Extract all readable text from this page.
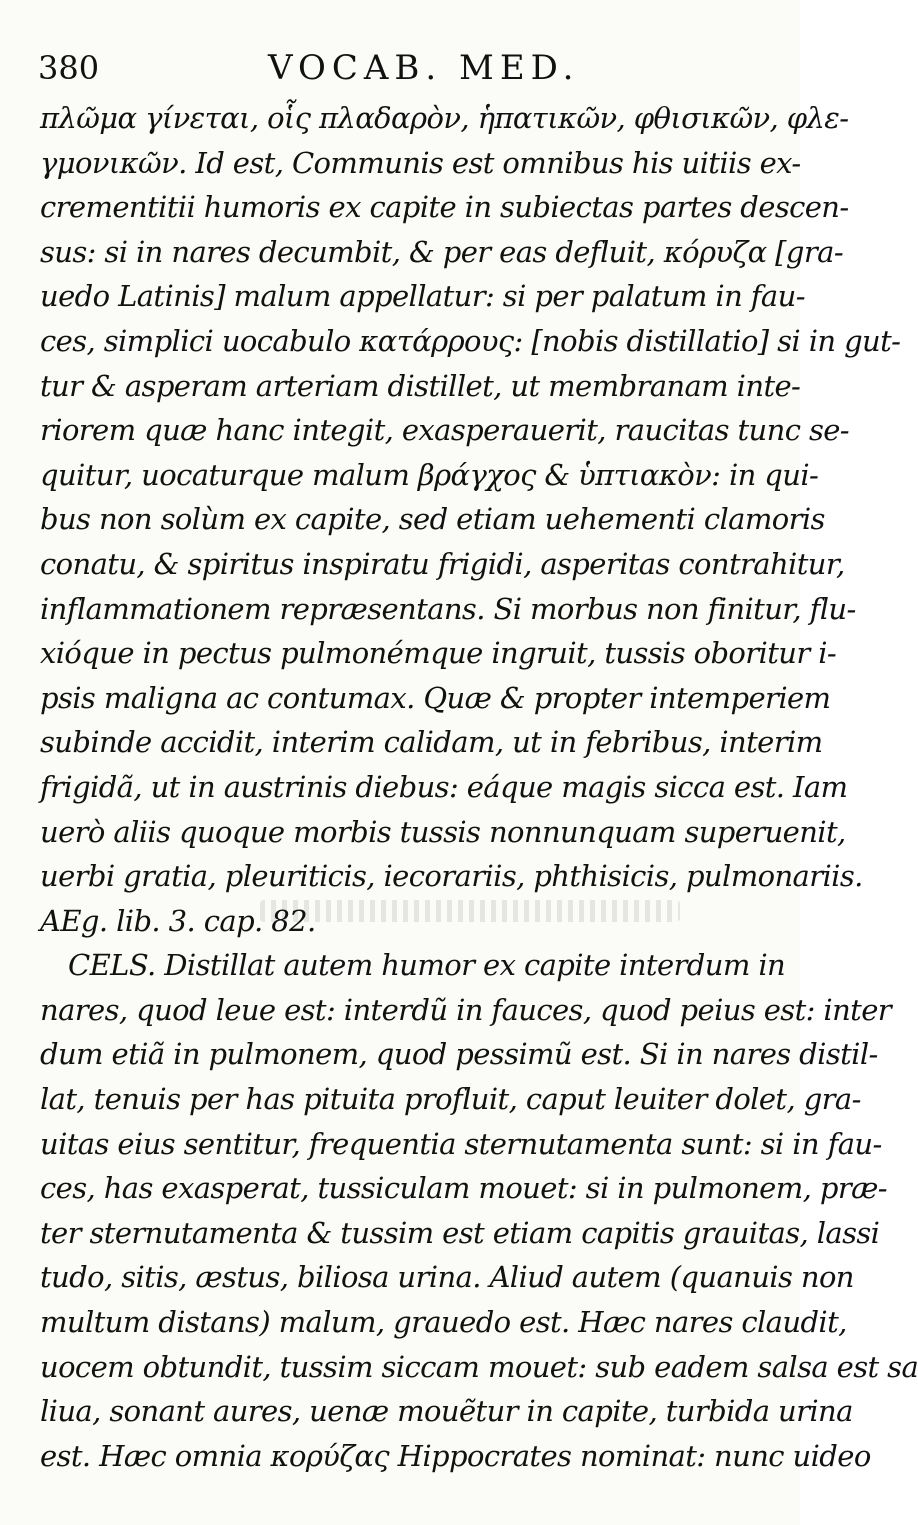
380	VOCAB. MED.
πλῶμα γίνεται, οἷς πλαδαρὸν, ἡπατικῶν, φθισικῶν, φλε-
γμονικῶν. Id est, Communis est omnibus his uitiis ex-
crementitii humoris ex capite in subiectas partes descen-
sus: si in nares decumbit, & per eas defluit, κόρυζα [gra-
uedo Latinis] malum appellatur: si per palatum in fau-
ces, simplici uocabulo κατάρρους: [nobis distillatio] si in gut-
tur & asperam arteriam distillet, ut membranam inte-
riorem quæ hanc integit, exasperauerit, raucitas tunc se-
quitur, uocaturque malum βράγχος & ὑπτιακὸν: in qui-
bus non solùm ex capite, sed etiam uehementi clamoris
conatu, & spiritus inspiratu frigidi, asperitas contrahitur,
inflammationem repræsentans. Si morbus non finitur, flu-
xióque in pectus pulmonémque ingruit, tussis oboritur i-
psis maligna ac contumax. Quæ & propter intemperiem
subinde accidit, interim calidam, ut in febribus, interim
frigidã, ut in austrinis diebus: eáque magis sicca est. Iam
uerò aliis quoque morbis tussis nonnunquam superuenit,
uerbi gratia, pleuriticis, iecorariis, phthisicis, pulmonariis.
AEg. lib. 3. cap. 82.
CELS. Distillat autem humor ex capite interdum in
nares, quod leue est: interdũ in fauces, quod peius est: inter
dum etiã in pulmonem, quod pessimũ est. Si in nares distil-
lat, tenuis per has pituita profluit, caput leuiter dolet, gra-
uitas eius sentitur, frequentia sternutamenta sunt: si in fau-
ces, has exasperat, tussiculam mouet: si in pulmonem, præ-
ter sternutamenta & tussim est etiam capitis grauitas, lassi
tudo, sitis, æstus, biliosa urina. Aliud autem (quanuis non
multum distans) malum, grauedo est. Hæc nares claudit,
uocem obtundit, tussim siccam mouet: sub eadem salsa est sa
liua, sonant aures, uenæ mouẽtur in capite, turbida urina
est. Hæc omnia κορύζας Hippocrates nominat: nunc uideo
